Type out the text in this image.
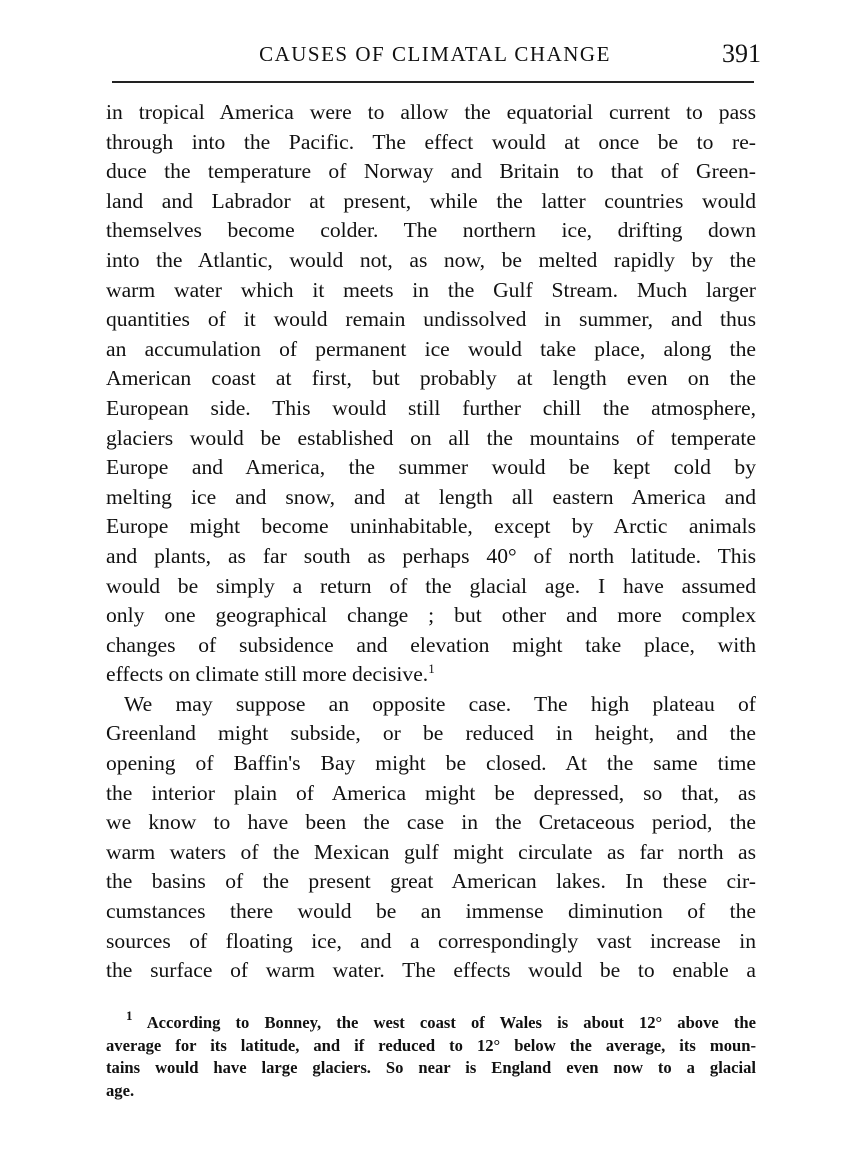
CAUSES OF CLIMATAL CHANGE	391
in tropical America were to allow the equatorial current to pass
through into the Pacific. The effect would at once be to re-
duce the temperature of Norway and Britain to that of Green-
land and Labrador at present, while the latter countries would
themselves become colder. The northern ice, drifting down
into the Atlantic, would not, as now, be melted rapidly by the
warm water which it meets in the Gulf Stream. Much larger
quantities of it would remain undissolved in summer, and thus
an accumulation of permanent ice would take place, along the
American coast at first, but probably at length even on the
European side. This would still further chill the atmosphere,
glaciers would be established on all the mountains of temperate
Europe and America, the summer would be kept cold by
melting ice and snow, and at length all eastern America and
Europe might become uninhabitable, except by Arctic animals
and plants, as far south as perhaps 40° of north latitude. This
would be simply a return of the glacial age. I have assumed
only one geographical change ; but other and more complex
changes of subsidence and elevation might take place, with
effects on climate still more decisive.$^1$
We may suppose an opposite case. The high plateau of
Greenland might subside, or be reduced in height, and the
opening of Baffin's Bay might be closed. At the same time
the interior plain of America might be depressed, so that, as
we know to have been the case in the Cretaceous period, the
warm waters of the Mexican gulf might circulate as far north as
the basins of the present great American lakes. In these cir-
cumstances there would be an immense diminution of the
sources of floating ice, and a correspondingly vast increase in
the surface of warm water. The effects would be to enable a
$^1$ According to Bonney, the west coast of Wales is about 12° above the
average for its latitude, and if reduced to 12° below the average, its moun-
tains would have large glaciers. So near is England even now to a glacial
age.
